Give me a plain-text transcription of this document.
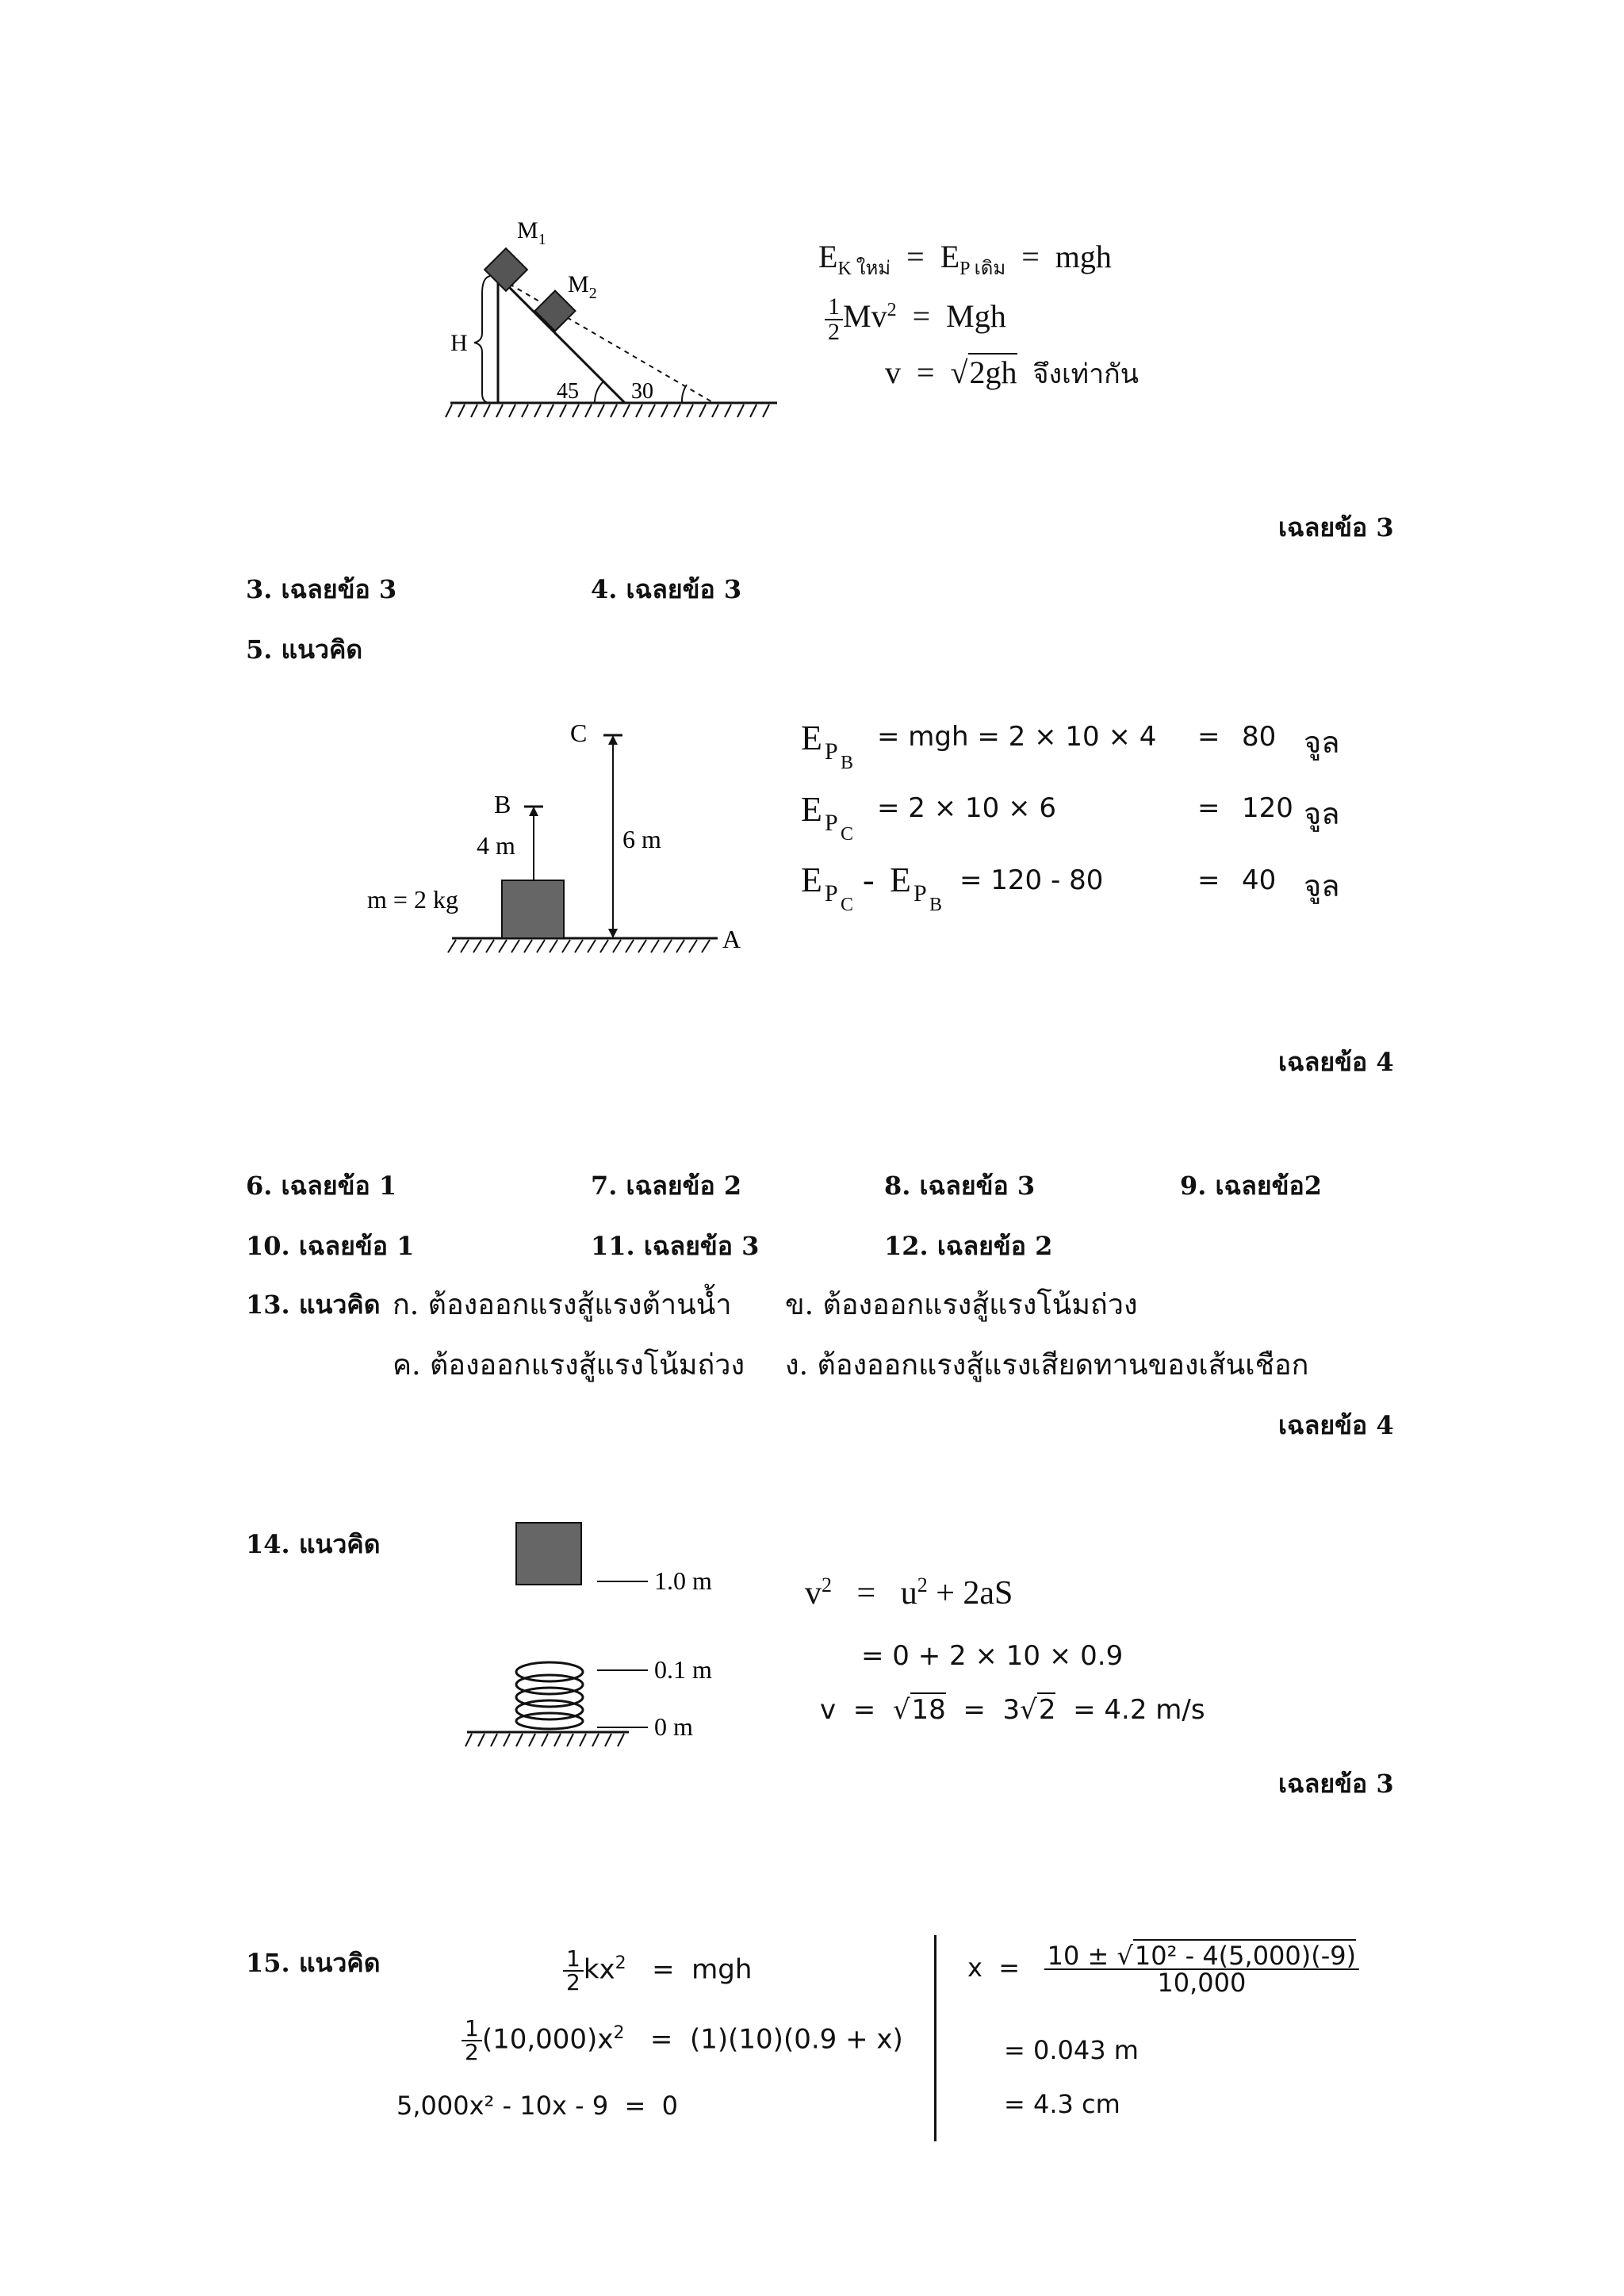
$M_1$
$M_2$
H
45 30
$E_{K ใหม่} = E_{P เดิม}$  =  mgh
$\frac{1}{2} Mv^2$  =  Mgh
v  =  √2gh จึงเท่ากัน
เฉลยข้อ 3
3. เฉลยข้อ 3	4. เฉลยข้อ 3
5. แนวคิด
C
B
A
4 m	6 m
m = 2 kg
E P B
= mgh = 2 × 10 × 4 = 80 จูล
E P C
= 2 × 10 × 6	= 120 จูล
E P C
- E P B
= 120 - 80	= 40 จูล
เฉลยข้อ 4
6. เฉลยข้อ 1	7. เฉลยข้อ 2	8. เฉลยข้อ 3	9. เฉลยข้อ2
10. เฉลยข้อ 1	11. เฉลยข้อ 3	12. เฉลยข้อ 2
13. แนวคิด ก. ต้องออกแรงสู้แรงต้านน้ำ ข. ต้องออกแรงสู้แรงโน้มถ่วง
ค. ต้องออกแรงสู้แรงโน้มถ่วง ง. ต้องออกแรงสู้แรงเสียดทานของเส้นเชือก
เฉลยข้อ 4
14. แนวคิด
1.0 m
0.1 m
0 m
$v^2 = u^2 + 2aS$
= 0 + 2 × 10 × 0.9
v  =  √18  =  3√2 = 4.2 m/s
เฉลยข้อ 3
15. แนวคิด	$\frac{1}{2} kx^2$   =  mgh
$\frac{1}{2} (10,000)x^2 = (1)(10)(0.9 + x)$
5,000x² - 10x - 9  =  0
$x = \frac{\text{10 ± √10² - 4(5,000)(-9)}}{10,000}$
= 0.043 m
= 4.3 cm
